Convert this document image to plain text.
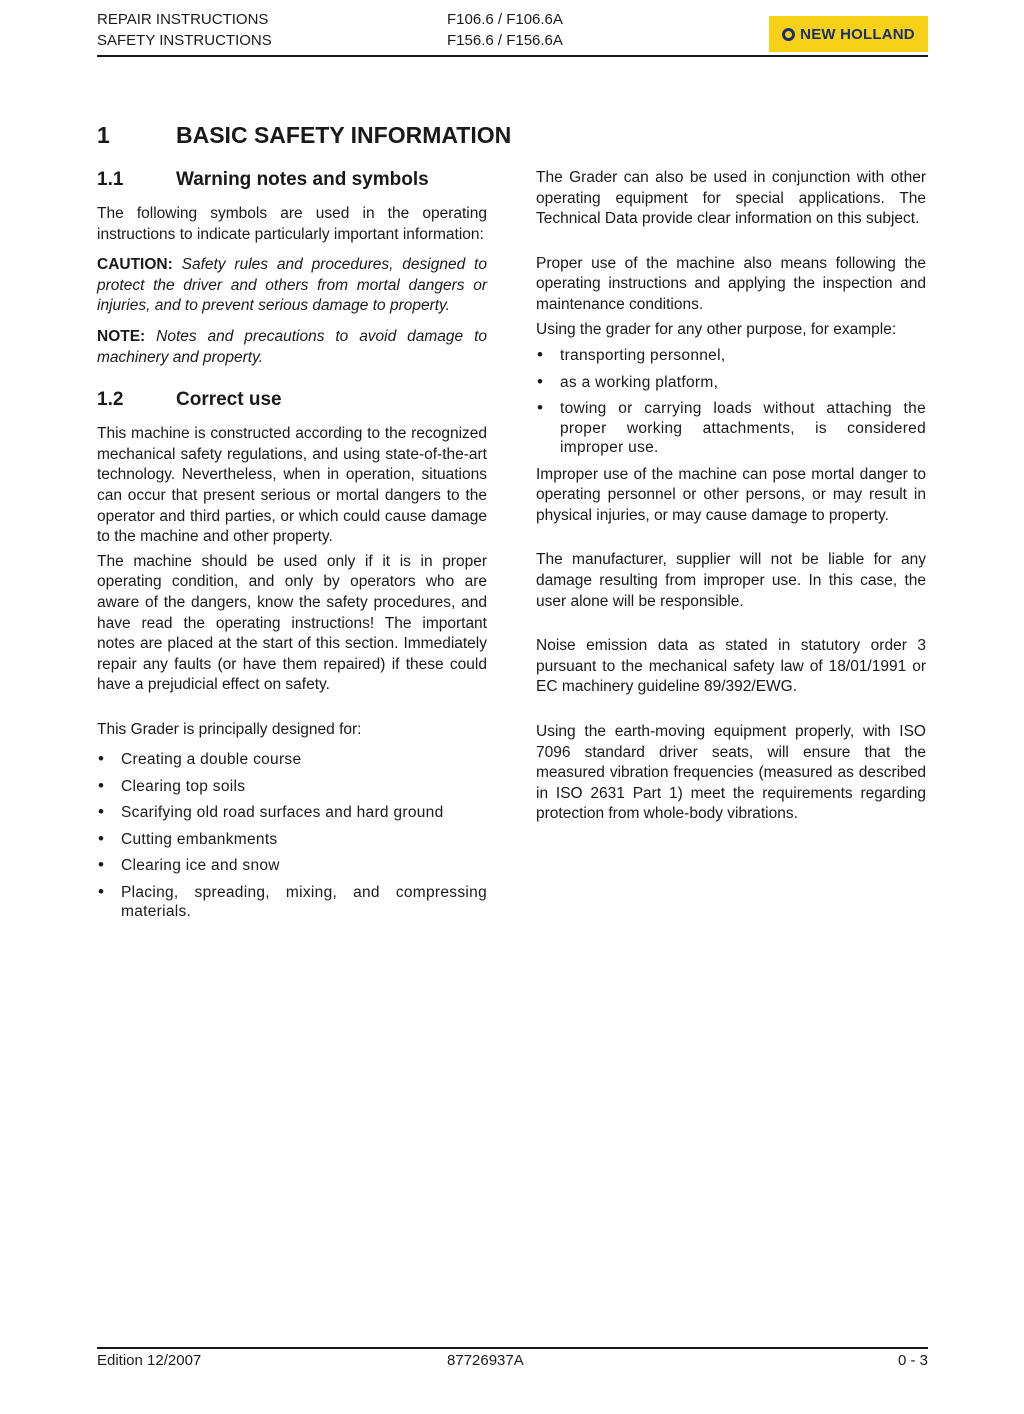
REPAIR INSTRUCTIONS
SAFETY INSTRUCTIONS
F106.6 / F106.6A
F156.6 / F156.6A	NEW HOLLAND
1	BASIC SAFETY INFORMATION
1.1	Warning notes and symbols

The following symbols are used in the operating instructions to indicate particularly important information:

CAUTION: Safety rules and procedures, designed to protect the driver and others from mortal dangers or injuries, and to prevent serious damage to property.

NOTE: Notes and precautions to avoid damage to machinery and property.

1.2	Correct use

This machine is constructed according to the recognized mechanical safety regulations, and using state-of-the-art technology. Nevertheless, when in operation, situations can occur that present serious or mortal dangers to the operator and third parties, or which could cause damage to the machine and other property.

The machine should be used only if it is in proper operating condition, and only by operators who are aware of the dangers, know the safety procedures, and have read the operating instructions! The important notes are placed at the start of this section. Immediately repair any faults (or have them repaired) if these could have a prejudicial effect on safety.

This Grader is principally designed for:

• Creating a double course
• Clearing top soils
• Scarifying old road surfaces and hard ground
• Cutting embankments
• Clearing ice and snow
• Placing, spreading, mixing, and compressing materials.

The Grader can also be used in conjunction with other operating equipment for special applications. The Technical Data provide clear information on this subject.

Proper use of the machine also means following the operating instructions and applying the inspection and maintenance conditions.

Using the grader for any other purpose, for example:

• transporting personnel,
• as a working platform,
• towing or carrying loads without attaching the proper working attachments, is considered improper use.

Improper use of the machine can pose mortal danger to operating personnel or other persons, or may result in physical injuries, or may cause damage to property.

The manufacturer, supplier will not be liable for any damage resulting from improper use. In this case, the user alone will be responsible.

Noise emission data as stated in statutory order 3 pursuant to the mechanical safety law of 18/01/1991 or EC machinery guideline 89/392/EWG.

Using the earth-moving equipment properly, with ISO 7096 standard driver seats, will ensure that the measured vibration frequencies (measured as described in ISO 2631 Part 1) meet the requirements regarding protection from whole-body vibrations.

Edition 12/2007	87726937A	0 - 3
